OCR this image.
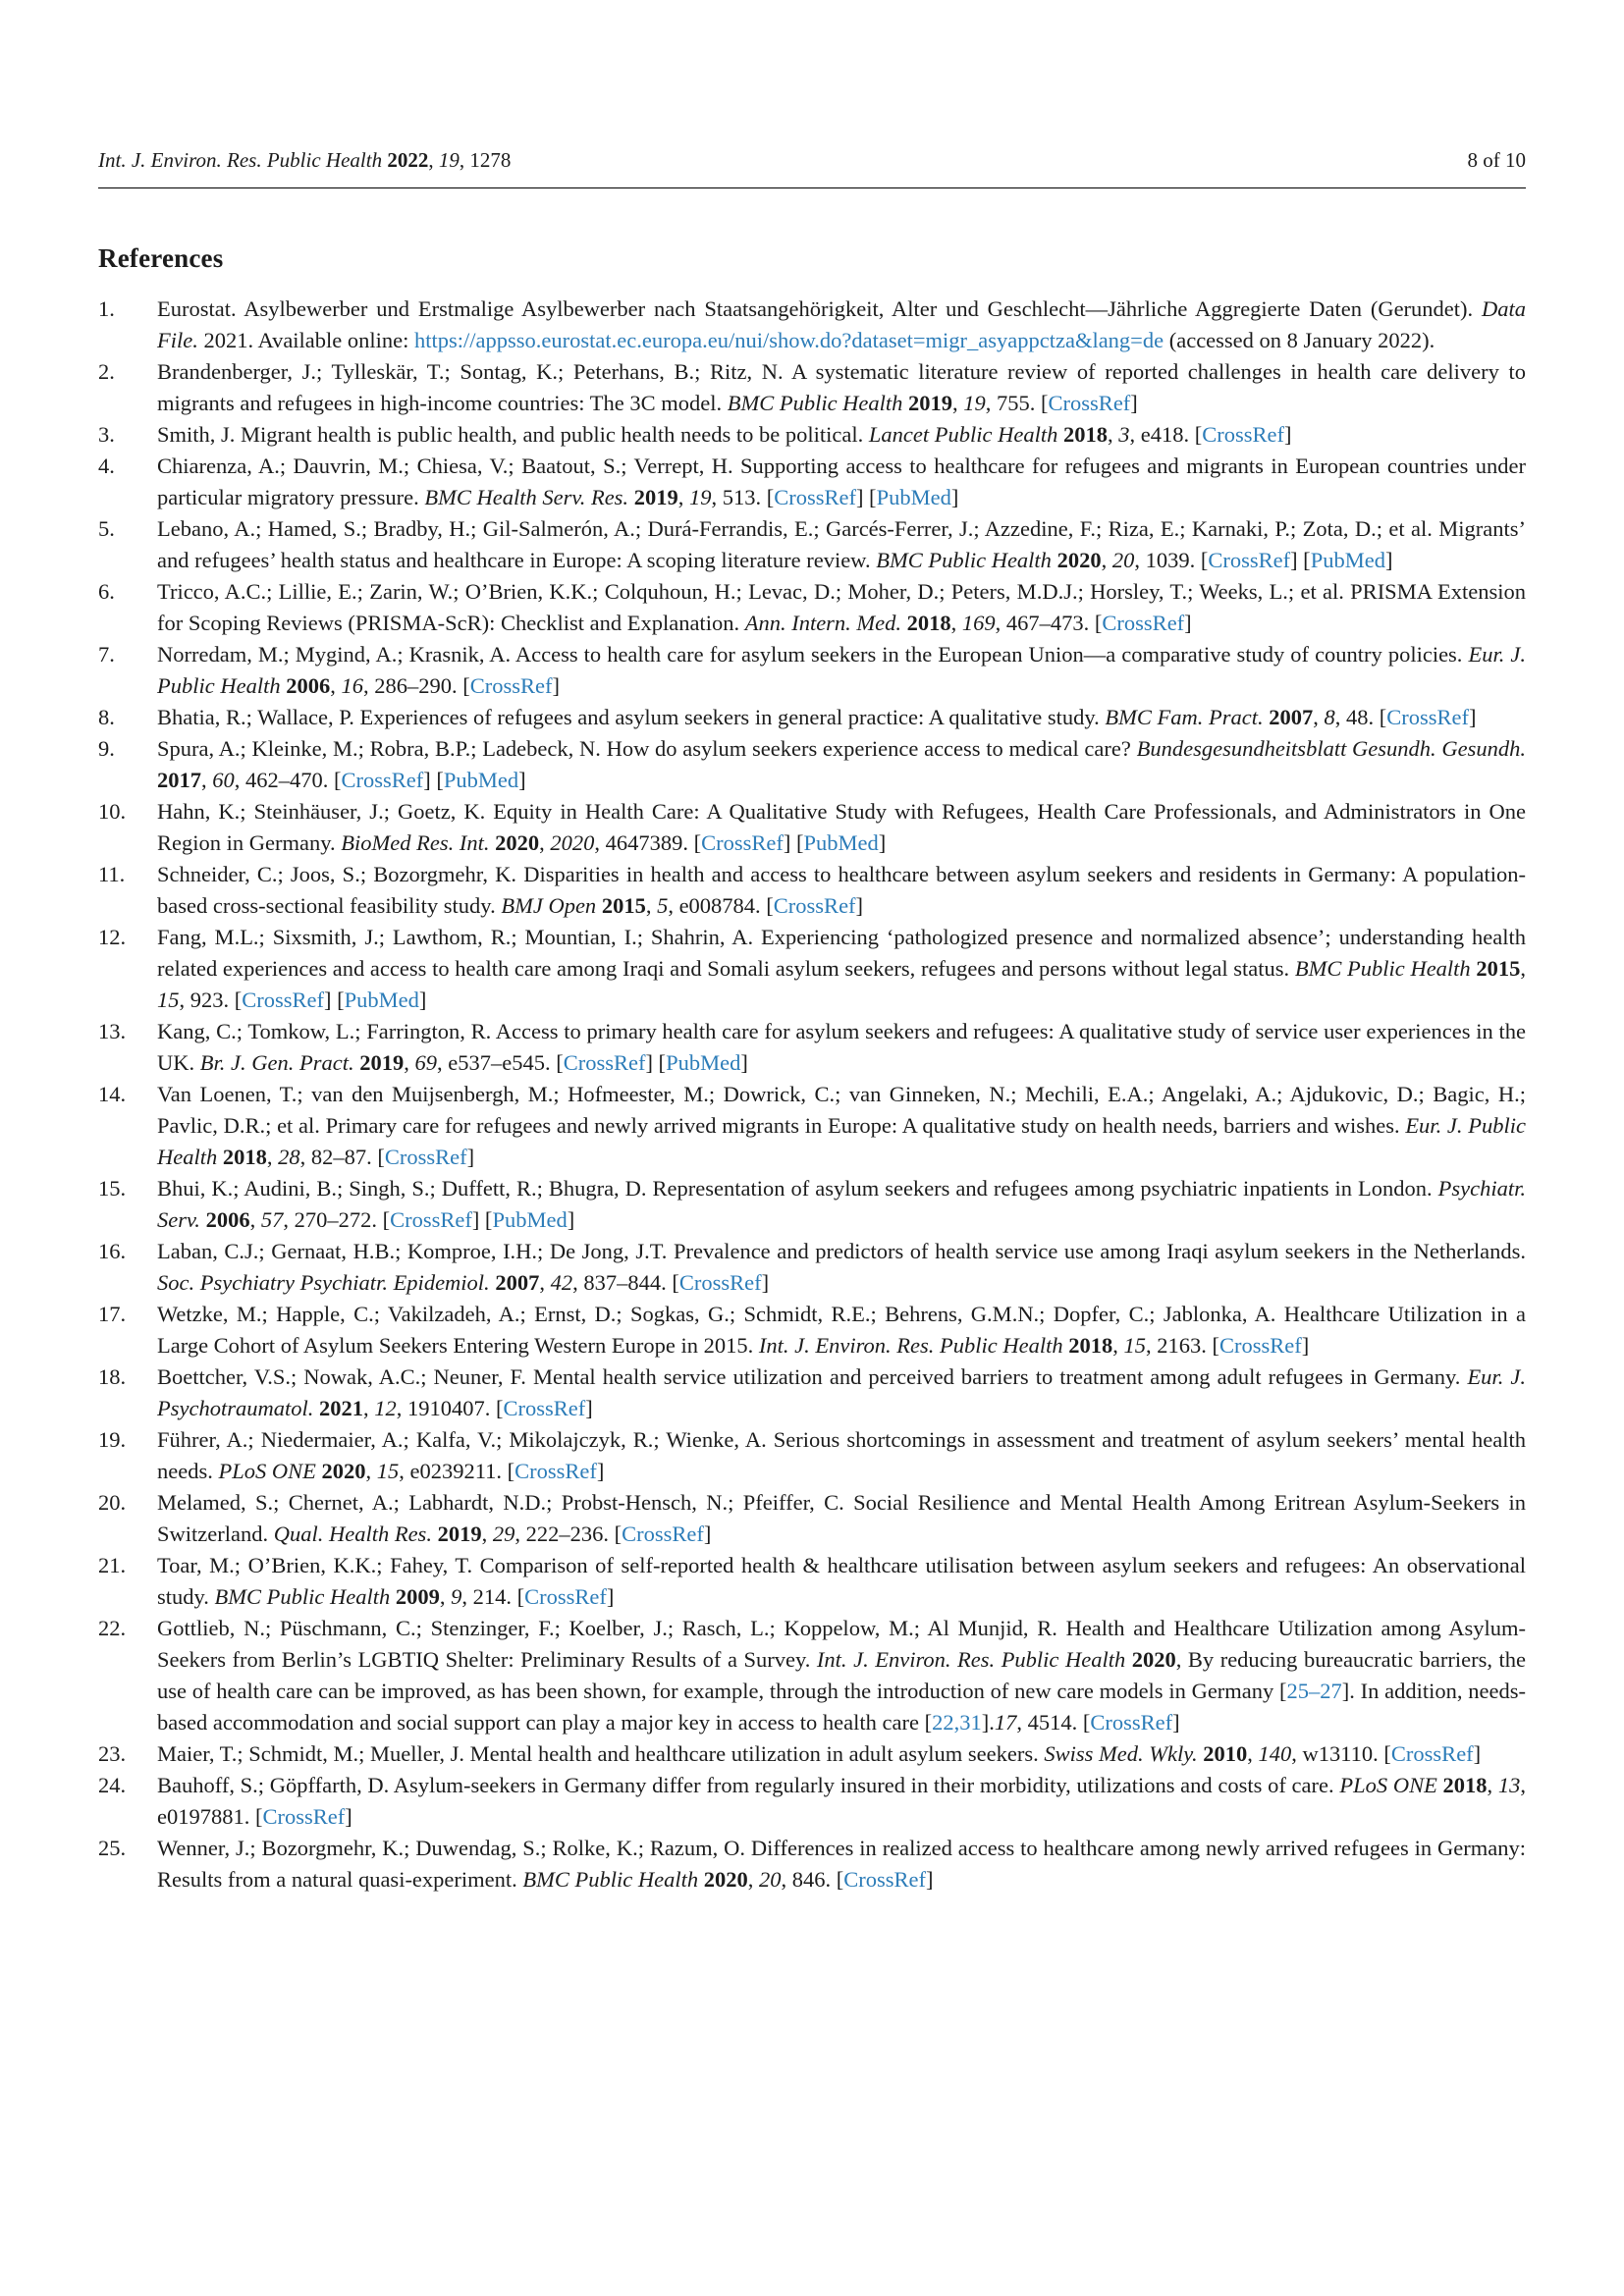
Int. J. Environ. Res. Public Health 2022, 19, 1278	8 of 10
References
1.	Eurostat. Asylbewerber und Erstmalige Asylbewerber nach Staatsangehörigkeit, Alter und Geschlecht—Jährliche Aggregierte Daten (Gerundet). Data File. 2021. Available online: https://appsso.eurostat.ec.europa.eu/nui/show.do?dataset=migr_asyappctza&lang=de (accessed on 8 January 2022).
2.	Brandenberger, J.; Tylleskär, T.; Sontag, K.; Peterhans, B.; Ritz, N. A systematic literature review of reported challenges in health care delivery to migrants and refugees in high-income countries: The 3C model. BMC Public Health 2019, 19, 755. [CrossRef]
3.	Smith, J. Migrant health is public health, and public health needs to be political. Lancet Public Health 2018, 3, e418. [CrossRef]
4.	Chiarenza, A.; Dauvrin, M.; Chiesa, V.; Baatout, S.; Verrept, H. Supporting access to healthcare for refugees and migrants in European countries under particular migratory pressure. BMC Health Serv. Res. 2019, 19, 513. [CrossRef] [PubMed]
5.	Lebano, A.; Hamed, S.; Bradby, H.; Gil-Salmerón, A.; Durá-Ferrandis, E.; Garcés-Ferrer, J.; Azzedine, F.; Riza, E.; Karnaki, P.; Zota, D.; et al. Migrants’ and refugees’ health status and healthcare in Europe: A scoping literature review. BMC Public Health 2020, 20, 1039. [CrossRef] [PubMed]
6.	Tricco, A.C.; Lillie, E.; Zarin, W.; O’Brien, K.K.; Colquhoun, H.; Levac, D.; Moher, D.; Peters, M.D.J.; Horsley, T.; Weeks, L.; et al. PRISMA Extension for Scoping Reviews (PRISMA-ScR): Checklist and Explanation. Ann. Intern. Med. 2018, 169, 467–473. [CrossRef]
7.	Norredam, M.; Mygind, A.; Krasnik, A. Access to health care for asylum seekers in the European Union—a comparative study of country policies. Eur. J. Public Health 2006, 16, 286–290. [CrossRef]
8.	Bhatia, R.; Wallace, P. Experiences of refugees and asylum seekers in general practice: A qualitative study. BMC Fam. Pract. 2007, 8, 48. [CrossRef]
9.	Spura, A.; Kleinke, M.; Robra, B.P.; Ladebeck, N. How do asylum seekers experience access to medical care? Bundesgesundheitsblatt Gesundh. Gesundh. 2017, 60, 462–470. [CrossRef] [PubMed]
10.	Hahn, K.; Steinhäuser, J.; Goetz, K. Equity in Health Care: A Qualitative Study with Refugees, Health Care Professionals, and Administrators in One Region in Germany. BioMed Res. Int. 2020, 2020, 4647389. [CrossRef] [PubMed]
11.	Schneider, C.; Joos, S.; Bozorgmehr, K. Disparities in health and access to healthcare between asylum seekers and residents in Germany: A population-based cross-sectional feasibility study. BMJ Open 2015, 5, e008784. [CrossRef]
12.	Fang, M.L.; Sixsmith, J.; Lawthom, R.; Mountian, I.; Shahrin, A. Experiencing ‘pathologized presence and normalized absence’; understanding health related experiences and access to health care among Iraqi and Somali asylum seekers, refugees and persons without legal status. BMC Public Health 2015, 15, 923. [CrossRef] [PubMed]
13.	Kang, C.; Tomkow, L.; Farrington, R. Access to primary health care for asylum seekers and refugees: A qualitative study of service user experiences in the UK. Br. J. Gen. Pract. 2019, 69, e537–e545. [CrossRef] [PubMed]
14.	Van Loenen, T.; van den Muijsenbergh, M.; Hofmeester, M.; Dowrick, C.; van Ginneken, N.; Mechili, E.A.; Angelaki, A.; Ajdukovic, D.; Bagic, H.; Pavlic, D.R.; et al. Primary care for refugees and newly arrived migrants in Europe: A qualitative study on health needs, barriers and wishes. Eur. J. Public Health 2018, 28, 82–87. [CrossRef]
15.	Bhui, K.; Audini, B.; Singh, S.; Duffett, R.; Bhugra, D. Representation of asylum seekers and refugees among psychiatric inpatients in London. Psychiatr. Serv. 2006, 57, 270–272. [CrossRef] [PubMed]
16.	Laban, C.J.; Gernaat, H.B.; Komproe, I.H.; De Jong, J.T. Prevalence and predictors of health service use among Iraqi asylum seekers in the Netherlands. Soc. Psychiatry Psychiatr. Epidemiol. 2007, 42, 837–844. [CrossRef]
17.	Wetzke, M.; Happle, C.; Vakilzadeh, A.; Ernst, D.; Sogkas, G.; Schmidt, R.E.; Behrens, G.M.N.; Dopfer, C.; Jablonka, A. Healthcare Utilization in a Large Cohort of Asylum Seekers Entering Western Europe in 2015. Int. J. Environ. Res. Public Health 2018, 15, 2163. [CrossRef]
18.	Boettcher, V.S.; Nowak, A.C.; Neuner, F. Mental health service utilization and perceived barriers to treatment among adult refugees in Germany. Eur. J. Psychotraumatol. 2021, 12, 1910407. [CrossRef]
19.	Führer, A.; Niedermaier, A.; Kalfa, V.; Mikolajczyk, R.; Wienke, A. Serious shortcomings in assessment and treatment of asylum seekers’ mental health needs. PLoS ONE 2020, 15, e0239211. [CrossRef]
20.	Melamed, S.; Chernet, A.; Labhardt, N.D.; Probst-Hensch, N.; Pfeiffer, C. Social Resilience and Mental Health Among Eritrean Asylum-Seekers in Switzerland. Qual. Health Res. 2019, 29, 222–236. [CrossRef]
21.	Toar, M.; O’Brien, K.K.; Fahey, T. Comparison of self-reported health & healthcare utilisation between asylum seekers and refugees: An observational study. BMC Public Health 2009, 9, 214. [CrossRef]
22.	Gottlieb, N.; Püschmann, C.; Stenzinger, F.; Koelber, J.; Rasch, L.; Koppelow, M.; Al Munjid, R. Health and Healthcare Utilization among Asylum-Seekers from Berlin’s LGBTIQ Shelter: Preliminary Results of a Survey. Int. J. Environ. Res. Public Health 2020, By reducing bureaucratic barriers, the use of health care can be improved, as has been shown, for example, through the introduction of new care models in Germany [25–27]. In addition, needs-based accommodation and social support can play a major key in access to health care [22,31].17, 4514. [CrossRef]
23.	Maier, T.; Schmidt, M.; Mueller, J. Mental health and healthcare utilization in adult asylum seekers. Swiss Med. Wkly. 2010, 140, w13110. [CrossRef]
24.	Bauhoff, S.; Göpffarth, D. Asylum-seekers in Germany differ from regularly insured in their morbidity, utilizations and costs of care. PLoS ONE 2018, 13, e0197881. [CrossRef]
25.	Wenner, J.; Bozorgmehr, K.; Duwendag, S.; Rolke, K.; Razum, O. Differences in realized access to healthcare among newly arrived refugees in Germany: Results from a natural quasi-experiment. BMC Public Health 2020, 20, 846. [CrossRef]
